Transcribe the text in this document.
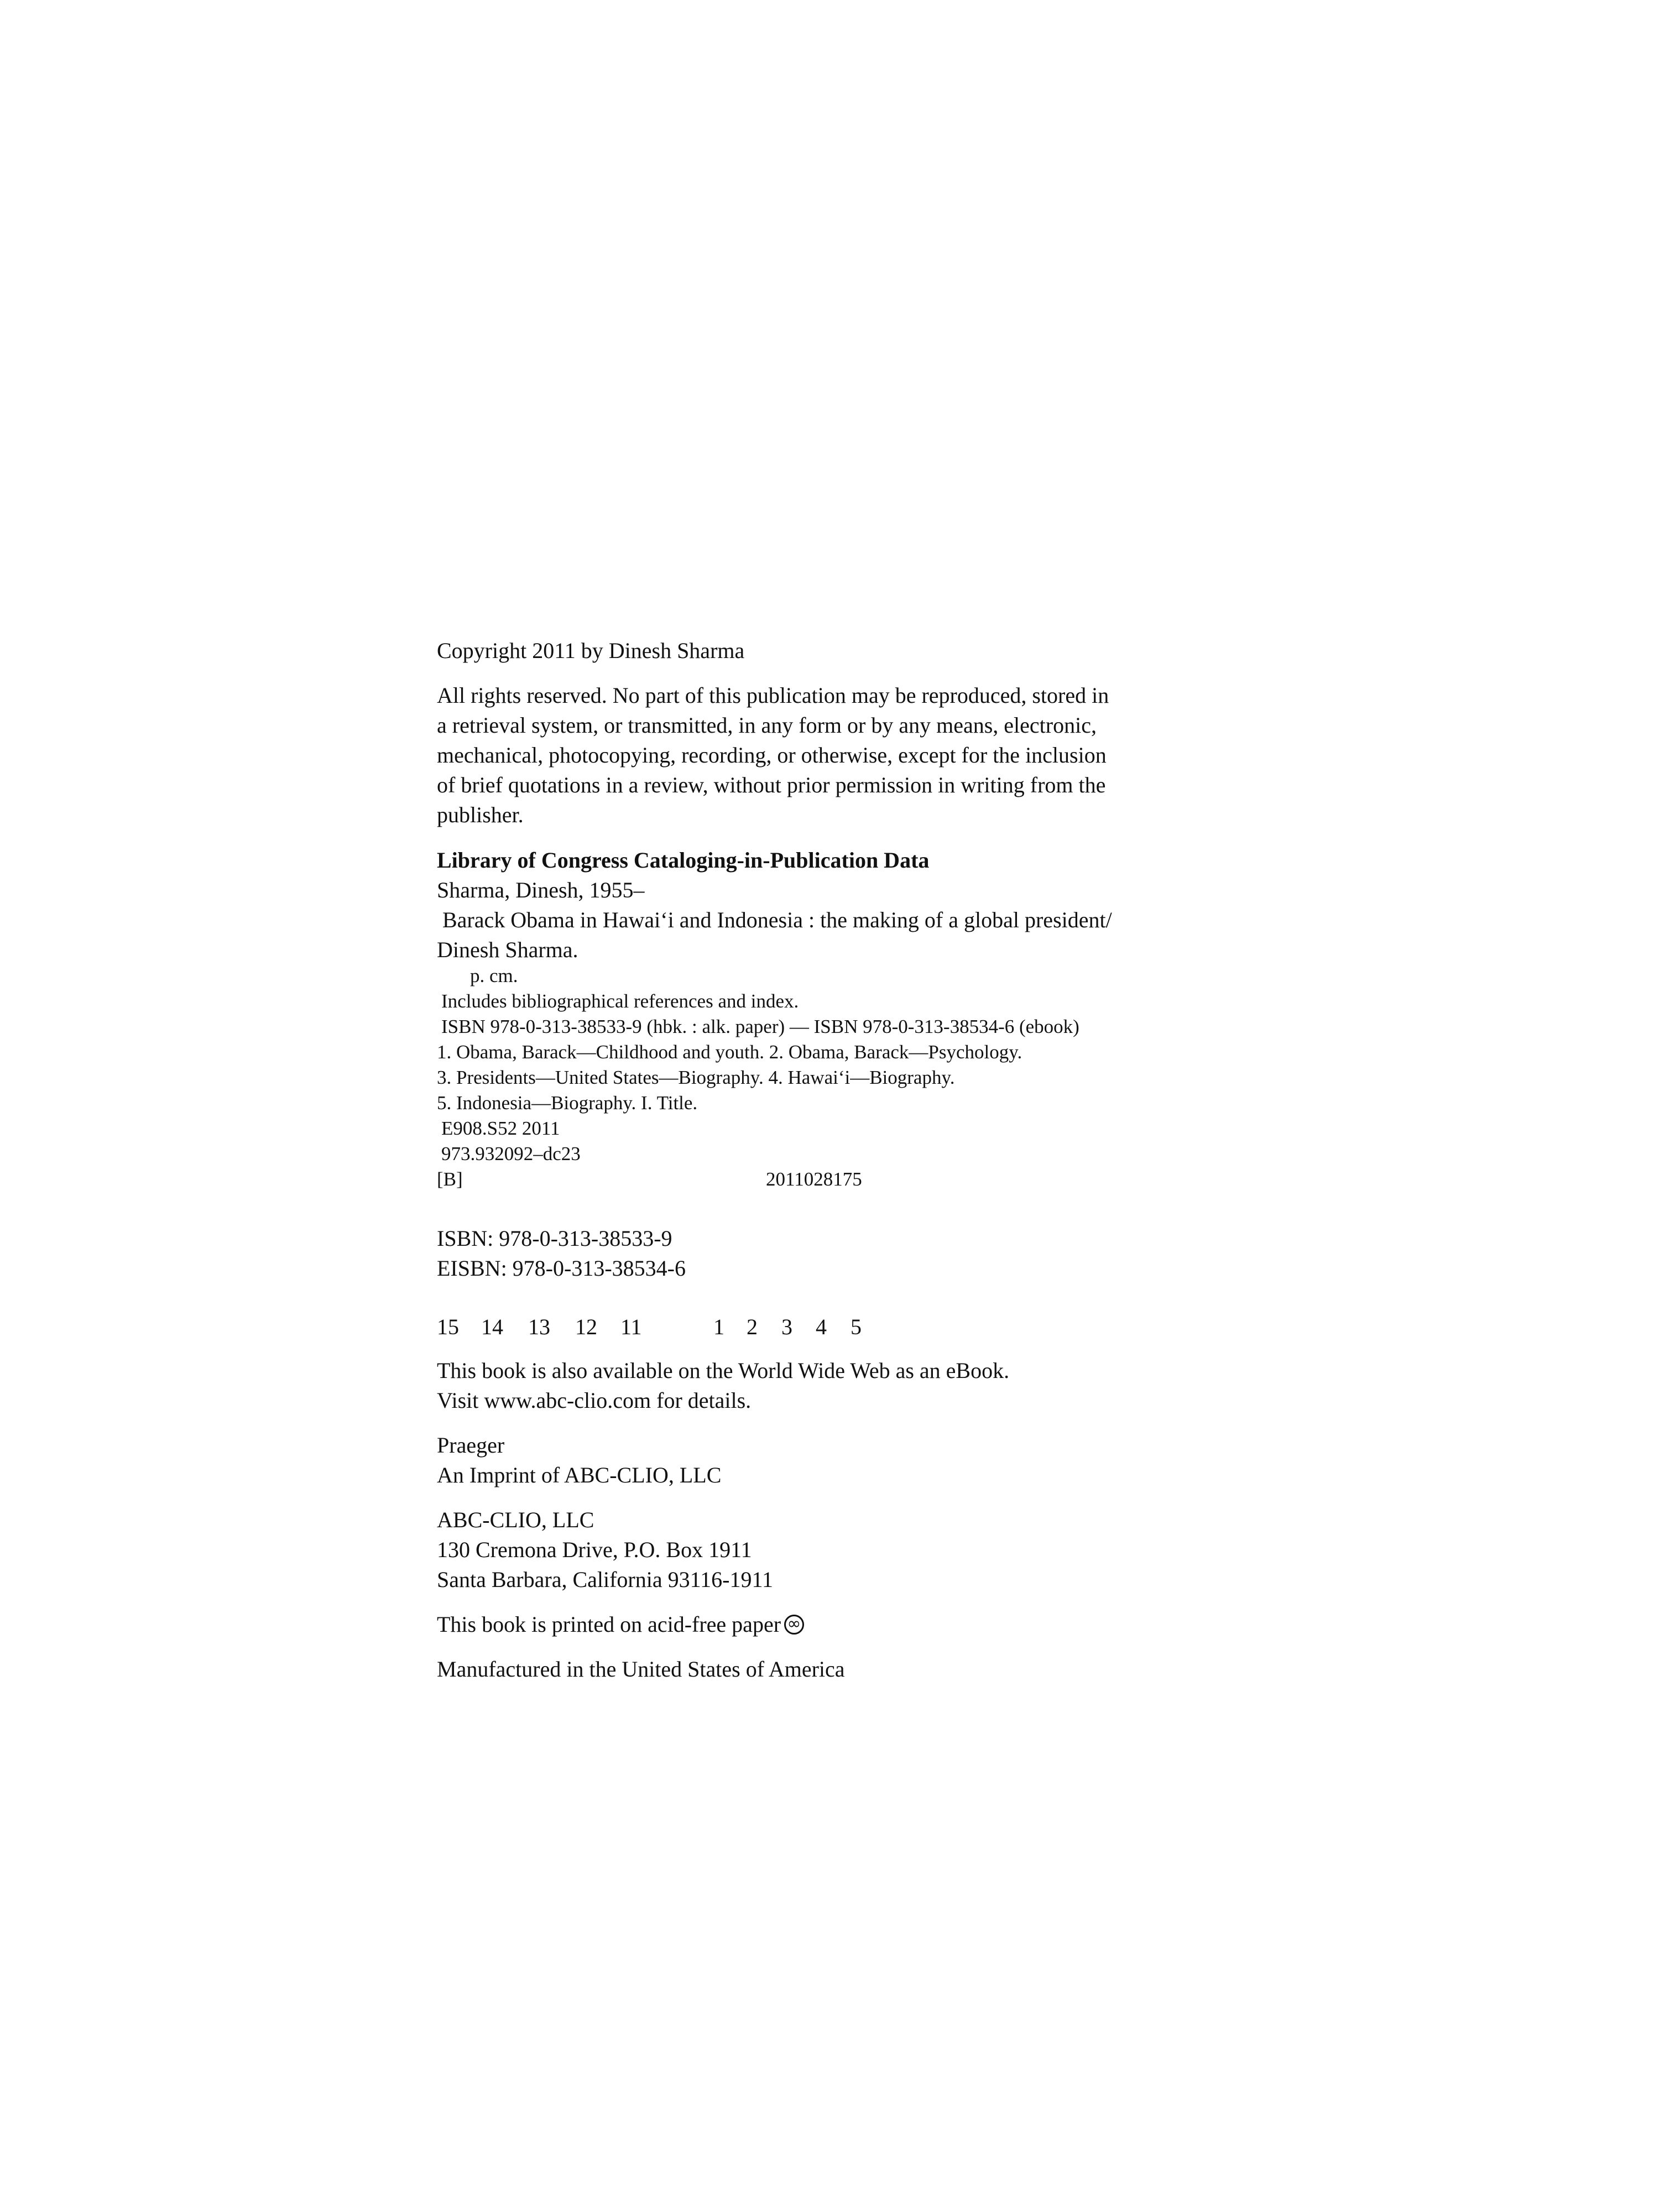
Copyright 2011 by Dinesh Sharma

All rights reserved. No part of this publication may be reproduced, stored in

a retrieval system, or transmitted, in any form or by any means, electronic,

mechanical, photocopying, recording, or otherwise, except for the inclusion

of brief quotations in a review, without prior permission in writing from the

publisher.

Library of Congress Cataloging-in-Publication Data

Sharma, Dinesh, 1955–

Barack Obama in Hawai‘i and Indonesia : the making of a global president/

Dinesh Sharma.

p. cm.

Includes bibliographical references and index.

ISBN 978-0-313-38533-9 (hbk. : alk. paper) — ISBN 978-0-313-38534-6 (ebook)

1. Obama, Barack—Childhood and youth. 2. Obama, Barack—Psychology.

3. Presidents—United States—Biography. 4. Hawai‘i—Biography.

5. Indonesia—Biography. I. Title.

E908.S52 2011

973.932092–dc23

[B]	2011028175

ISBN: 978-0-313-38533-9

EISBN: 978-0-313-38534-6

15 14 13 12 11	1 2 3 4 5

This book is also available on the World Wide Web as an eBook.

Visit www.abc-clio.com for details.

Praeger

An Imprint of ABC-CLIO, LLC

ABC-CLIO, LLC

130 Cremona Drive, P.O. Box 1911

Santa Barbara, California 93116-1911

This book is printed on acid-free paper∞

Manufactured in the United States of America
